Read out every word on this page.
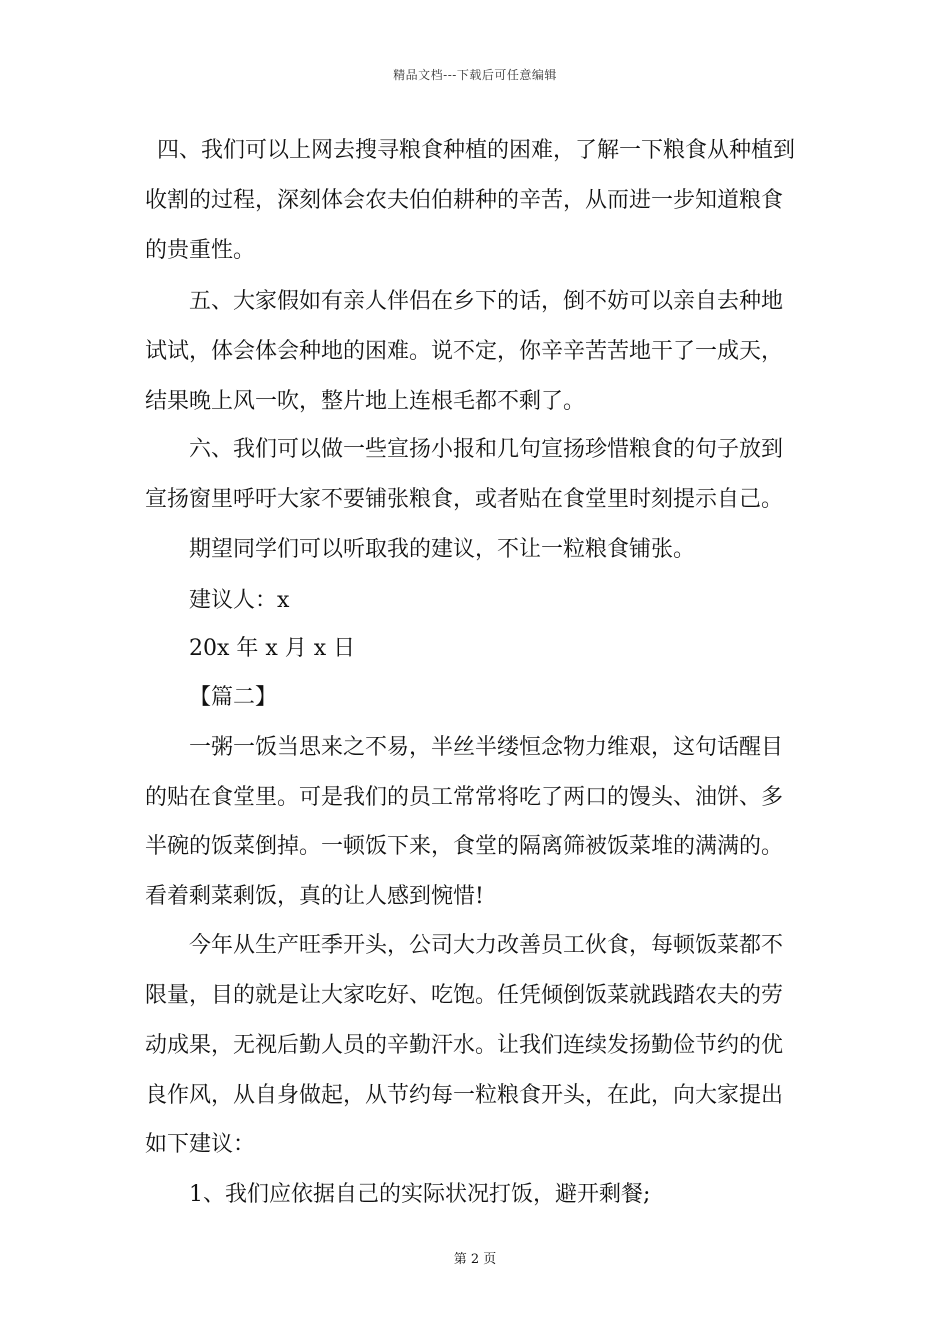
精品文档---下载后可任意编辑
四、我们可以上网去搜寻粮食种植的困难，了解一下粮食从种植到
收割的过程，深刻体会农夫伯伯耕种的辛苦，从而进一步知道粮食
的贵重性。
五、大家假如有亲人伴侣在乡下的话，倒不妨可以亲自去种地
试试，体会体会种地的困难。说不定，你辛辛苦苦地干了一成天，
结果晚上风一吹，整片地上连根毛都不剩了。
六、我们可以做一些宣扬小报和几句宣扬珍惜粮食的句子放到
宣扬窗里呼吁大家不要铺张粮食，或者贴在食堂里时刻提示自己。
期望同学们可以听取我的建议，不让一粒粮食铺张。
建议人：x
20x 年 x 月 x 日
【篇二】
一粥一饭当思来之不易，半丝半缕恒念物力维艰，这句话醒目
的贴在食堂里。可是我们的员工常常将吃了两口的馒头、油饼、多
半碗的饭菜倒掉。一顿饭下来，食堂的隔离筛被饭菜堆的满满的。
看着剩菜剩饭，真的让人感到惋惜!
今年从生产旺季开头，公司大力改善员工伙食，每顿饭菜都不
限量，目的就是让大家吃好、吃饱。任凭倾倒饭菜就践踏农夫的劳
动成果，无视后勤人员的辛勤汗水。让我们连续发扬勤俭节约的优
良作风，从自身做起，从节约每一粒粮食开头，在此，向大家提出
如下建议：
1、我们应依据自己的实际状况打饭，避开剩餐;
第 2 页
